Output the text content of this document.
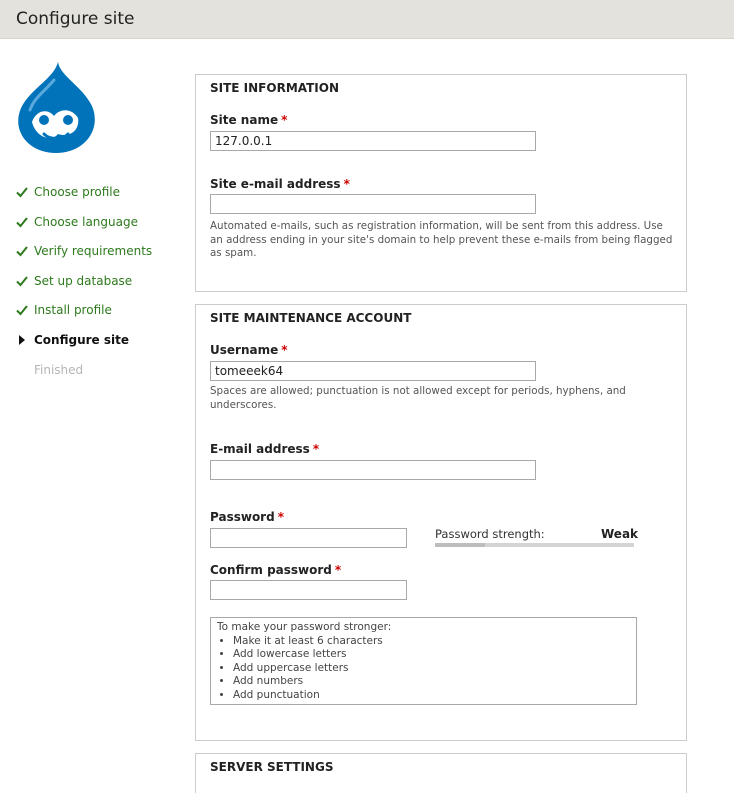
Configure site
Choose profile
Choose language
Verify requirements
Set up database
Install profile
Configure site
Finished
SITE INFORMATION
Site name *
127.0.0.1
Site e-mail address *
Automated e-mails, such as registration information, will be sent from this address. Use an address ending in your site's domain to help prevent these e-mails from being flagged as spam.
SITE MAINTENANCE ACCOUNT
Username *
tomeeek64
Spaces are allowed; punctuation is not allowed except for periods, hyphens, and underscores.
E-mail address *
Password *
Password strength:	Weak
Confirm password *
To make your password stronger:
• Make it at least 6 characters
• Add lowercase letters
• Add uppercase letters
• Add numbers
• Add punctuation
SERVER SETTINGS
